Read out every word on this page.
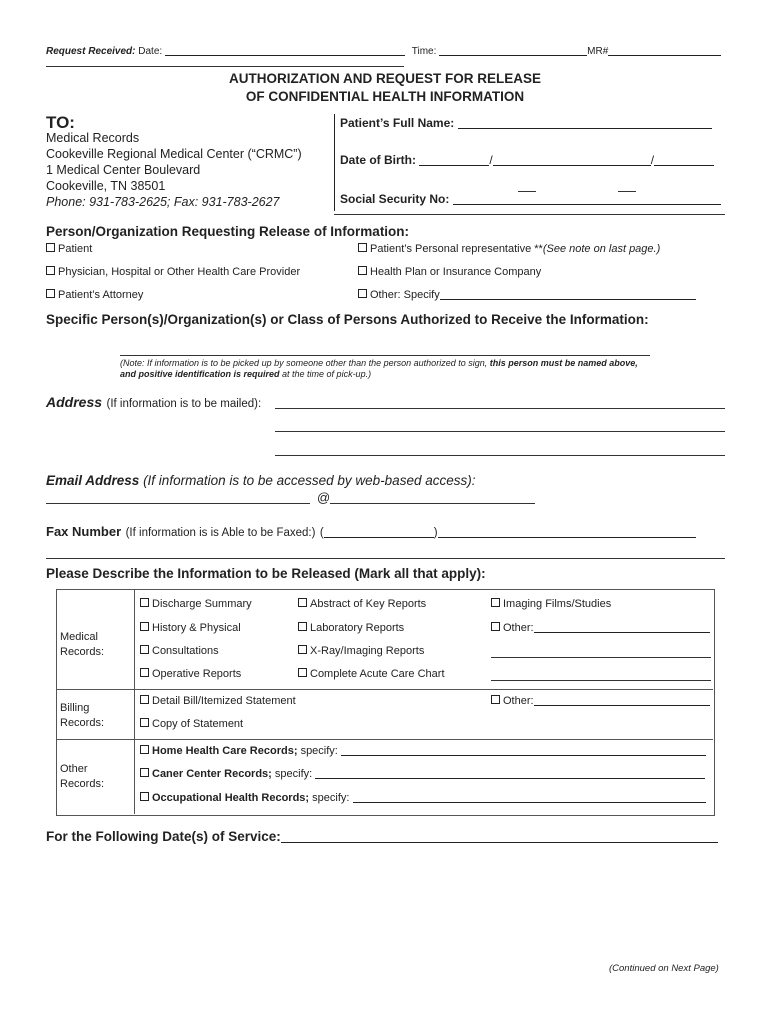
Request Received: Date:	Time:	MR#
AUTHORIZATION AND REQUEST FOR RELEASE
OF CONFIDENTIAL HEALTH INFORMATION
TO:
Medical Records
Cookeville Regional Medical Center (“CRMC”)
1 Medical Center Boulevard
Cookeville, TN 38501
Phone: 931-783-2625; Fax: 931-783-2627
Patient’s Full Name:
Date of Birth:	/	/
Social Security No:
Person/Organization Requesting Release of Information:
Patient	Patient’s Personal representative **(See note on last page.)
Physician, Hospital or Other Health Care Provider	Health Plan or Insurance Company
Patient’s Attorney	Other: Specify
Specific Person(s)/Organization(s) or Class of Persons Authorized to Receive the Information:
(Note: If information is to be picked up by someone other than the person authorized to sign, this person must be named above, and positive identification is required at the time of pick-up.)
Address (If information is to be mailed):
Email Address (If information is to be accessed by web-based access):
@
Fax Number (If information is is Able to be Faxed:) (	)
Please Describe the Information to be Released (Mark all that apply):
Medical
Records:
Discharge Summary	Abstract of Key Reports	Imaging Films/Studies
History & Physical	Laboratory Reports	Other:
Consultations	X-Ray/Imaging Reports
Operative Reports	Complete Acute Care Chart
Billing
Records:
Detail Bill/Itemized Statement	Other:
Copy of Statement
Other
Records:
Home Health Care Records; specify:
Caner Center Records; specify:
Occupational Health Records; specify:
For the Following Date(s) of Service:
(Continued on Next Page)
